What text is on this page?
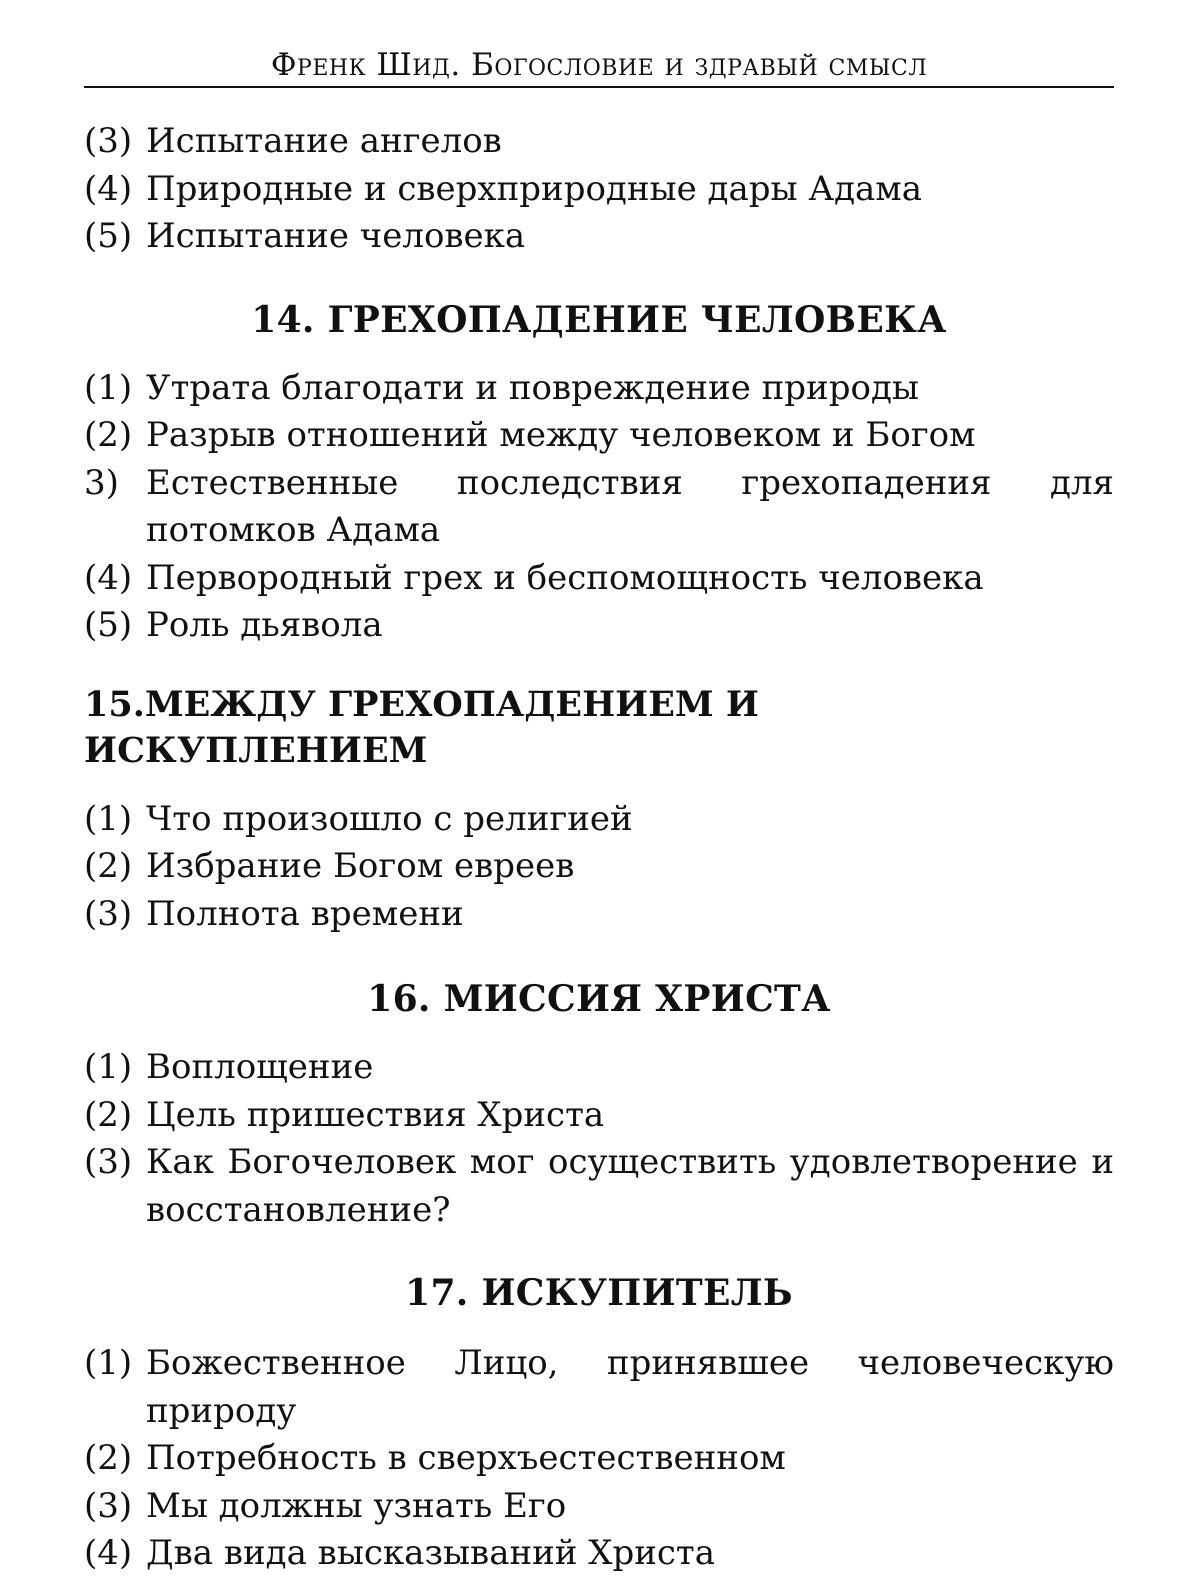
Френк Шид. Богословие и здравый смысл
(3) Испытание ангелов
(4) Природные и сверхприродные дары Адама
(5) Испытание человека
14. ГРЕХОПАДЕНИЕ ЧЕЛОВЕКА
(1) Утрата благодати и повреждение природы
(2) Разрыв отношений между человеком и Богом
3) Естественные последствия грехопадения для потомков Адама
(4) Первородный грех и беспомощность человека
(5) Роль дьявола
15.МЕЖДУ ГРЕХОПАДЕНИЕМ И ИСКУПЛЕНИЕМ
(1) Что произошло с религией
(2) Избрание Богом евреев
(3) Полнота времени
16. МИССИЯ ХРИСТА
(1) Воплощение
(2) Цель пришествия Христа
(3) Как Богочеловек мог осуществить удовлетворение и восстановление?
17. ИСКУПИТЕЛЬ
(1) Божественное Лицо, принявшее человеческую природу
(2) Потребность в сверхъестественном
(3) Мы должны узнать Его
(4) Два вида высказываний Христа
